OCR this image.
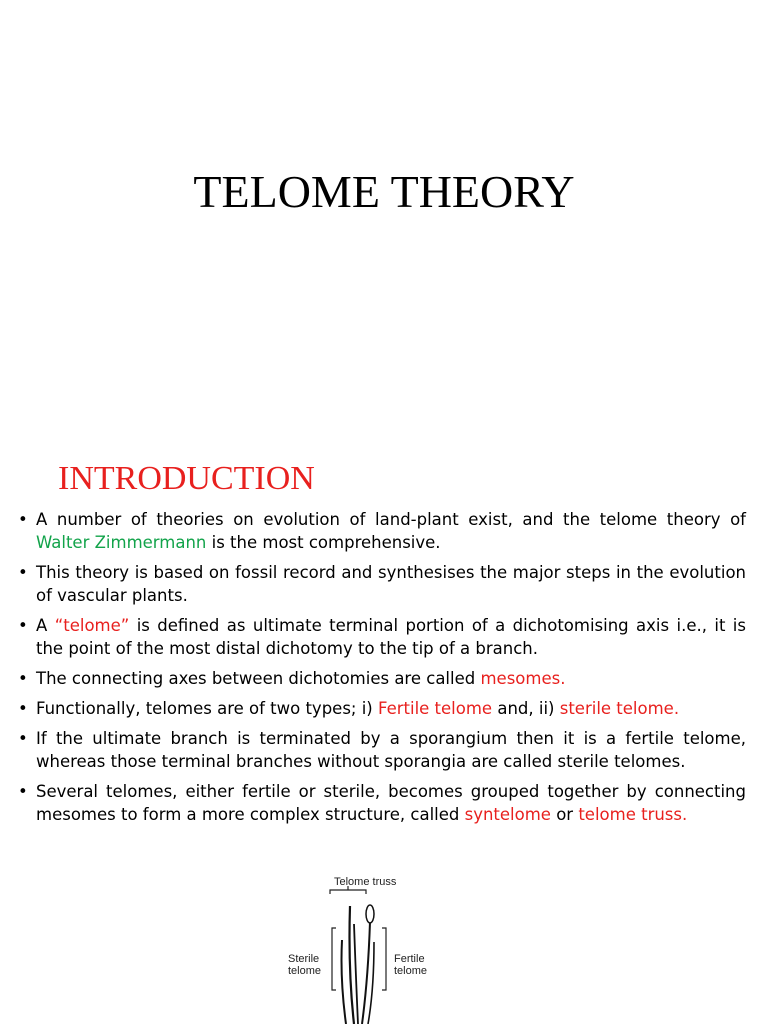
TELOME THEORY
INTRODUCTION
• A number of theories on evolution of land-plant exist, and the telome theory of Walter Zimmermann is the most comprehensive.
• This theory is based on fossil record and synthesises the major steps in the evolution of vascular plants.
• A “telome” is defined as ultimate terminal portion of a dichotomising axis i.e., it is the point of the most distal dichotomy to the tip of a branch.
• The connecting axes between dichotomies are called mesomes.
• Functionally, telomes are of two types; i) Fertile telome and, ii) sterile telome.
• If the ultimate branch is terminated by a sporangium then it is a fertile telome, whereas those terminal branches without sporangia are called sterile telomes.
• Several telomes, either fertile or sterile, becomes grouped together by connecting mesomes to form a more complex structure, called syntelome or telome truss.
Telome truss
Sterile
telome
Fertile
telome
